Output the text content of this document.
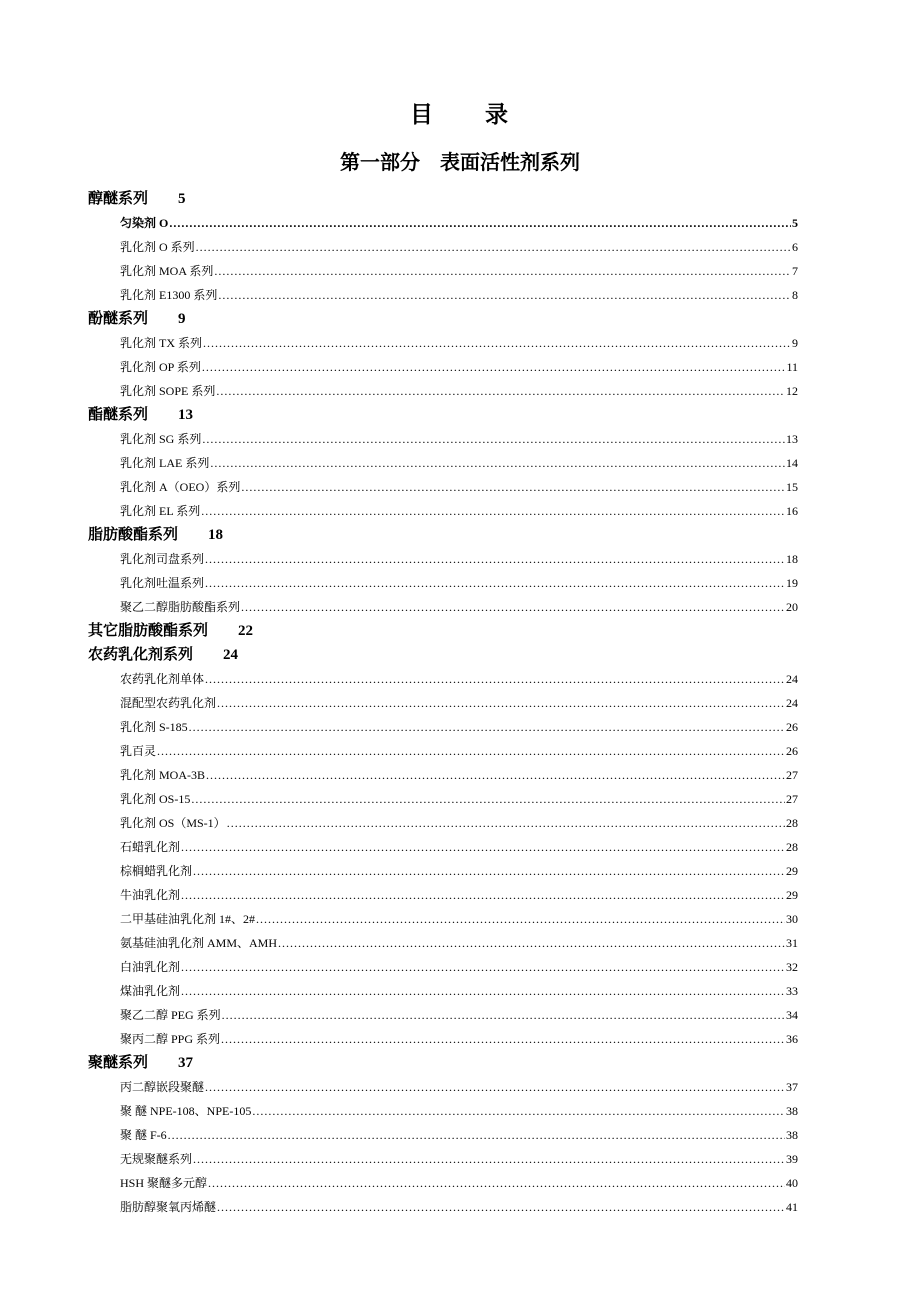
目　　录
第一部分　表面活性剂系列
醇醚系列 5
匀染剂 O .....	5
乳化剂 O 系列 .....	6
乳化剂 MOA 系列 .....	7
乳化剂 E1300 系列 .....	8
酚醚系列 9
乳化剂 TX 系列 .....	9
乳化剂 OP 系列 .....	11
乳化剂 SOPE 系列 .....	12
酯醚系列 13
乳化剂 SG 系列 .....	13
乳化剂 LAE 系列 .....	14
乳化剂 A（OEO）系列 .....	15
乳化剂 EL 系列 .....	16
脂肪酸酯系列 18
乳化剂司盘系列 .....	18
乳化剂吐温系列 .....	19
聚乙二醇脂肪酸酯系列 .....	20
其它脂肪酸酯系列 22
农药乳化剂系列 24
农药乳化剂单体 .....	24
混配型农药乳化剂 .....	24
乳化剂 S-185 .....	26
乳百灵 .....	26
乳化剂 MOA-3B .....	27
乳化剂 OS-15 .....	27
乳化剂 OS（MS-1） .....	28
石蜡乳化剂 .....	28
棕榈蜡乳化剂 .....	29
牛油乳化剂 .....	29
二甲基硅油乳化剂 1#、2# .....	30
氨基硅油乳化剂 AMM、AMH .....	31
白油乳化剂 .....	32
煤油乳化剂 .....	33
聚乙二醇 PEG 系列 .....	34
聚丙二醇 PPG 系列 .....	36
聚醚系列 37
丙二醇嵌段聚醚 .....	37
聚 醚 NPE-108、NPE-105 .....	38
聚 醚 F-6 .....	38
无规聚醚系列 .....	39
HSH 聚醚多元醇 .....	40
脂肪醇聚氧丙烯醚 .....	41
